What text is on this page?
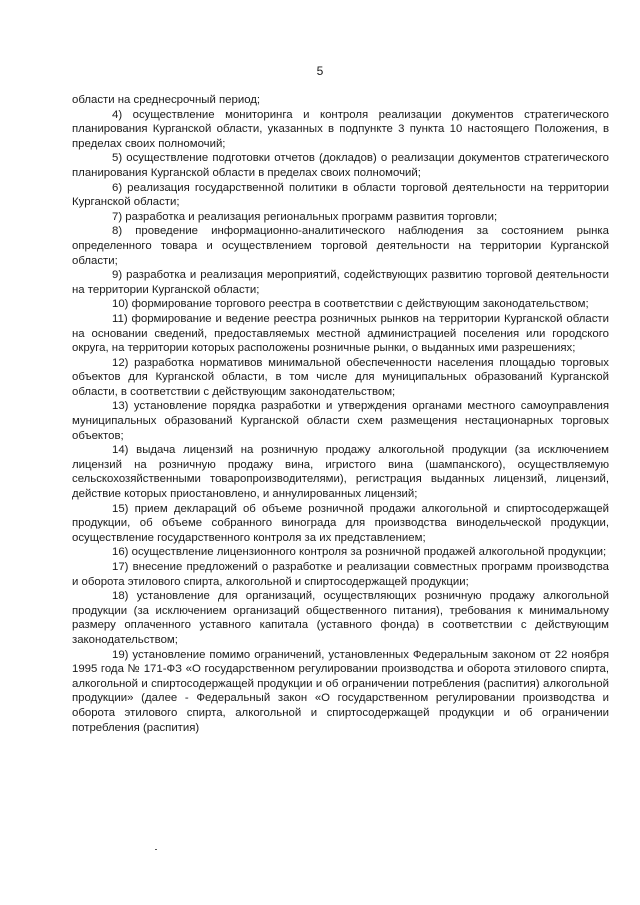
5

области на среднесрочный период;

4) осуществление мониторинга и контроля реализации документов стратегического планирования Курганской области, указанных в подпункте 3 пункта 10 настоящего Положения, в пределах своих полномочий;

5) осуществление подготовки отчетов (докладов) о реализации документов стратегического планирования Курганской области в пределах своих полномочий;

6) реализация государственной политики в области торговой деятельности на территории Курганской области;

7) разработка и реализация региональных программ развития торговли;

8) проведение информационно-аналитического наблюдения за состоянием рынка определенного товара и осуществлением торговой деятельности на территории Курганской области;

9) разработка и реализация мероприятий, содействующих развитию торговой деятельности на территории Курганской области;

10) формирование торгового реестра в соответствии с действующим законодательством;

11) формирование и ведение реестра розничных рынков на территории Курганской области на основании сведений, предоставляемых местной администрацией поселения или городского округа, на территории которых расположены розничные рынки, о выданных ими разрешениях;

12) разработка нормативов минимальной обеспеченности населения площадью торговых объектов для Курганской области, в том числе для муниципальных образований Курганской области, в соответствии с действующим законодательством;

13) установление порядка разработки и утверждения органами местного самоуправления муниципальных образований Курганской области схем размещения нестационарных торговых объектов;

14) выдача лицензий на розничную продажу алкогольной продукции (за исключением лицензий на розничную продажу вина, игристого вина (шампанского), осуществляемую сельскохозяйственными товаропроизводителями), регистрация выданных лицензий, лицензий, действие которых приостановлено, и аннулированных лицензий;

15) прием деклараций об объеме розничной продажи алкогольной и спиртосодержащей продукции, об объеме собранного винограда для производства винодельческой продукции, осуществление государственного контроля за их представлением;

16) осуществление лицензионного контроля за розничной продажей алкогольной продукции;

17) внесение предложений о разработке и реализации совместных программ производства и оборота этилового спирта, алкогольной и спиртосодержащей продукции;

18) установление для организаций, осуществляющих розничную продажу алкогольной продукции (за исключением организаций общественного питания), требования к минимальному размеру оплаченного уставного капитала (уставного фонда) в соответствии с действующим законодательством;

19) установление помимо ограничений, установленных Федеральным законом от 22 ноября 1995 года № 171-ФЗ «О государственном регулировании производства и оборота этилового спирта, алкогольной и спиртосодержащей продукции и об ограничении потребления (распития) алкогольной продукции» (далее - Федеральный закон «О государственном регулировании производства и оборота этилового спирта, алкогольной и спиртосодержащей продукции и об ограничении потребления (распития)
